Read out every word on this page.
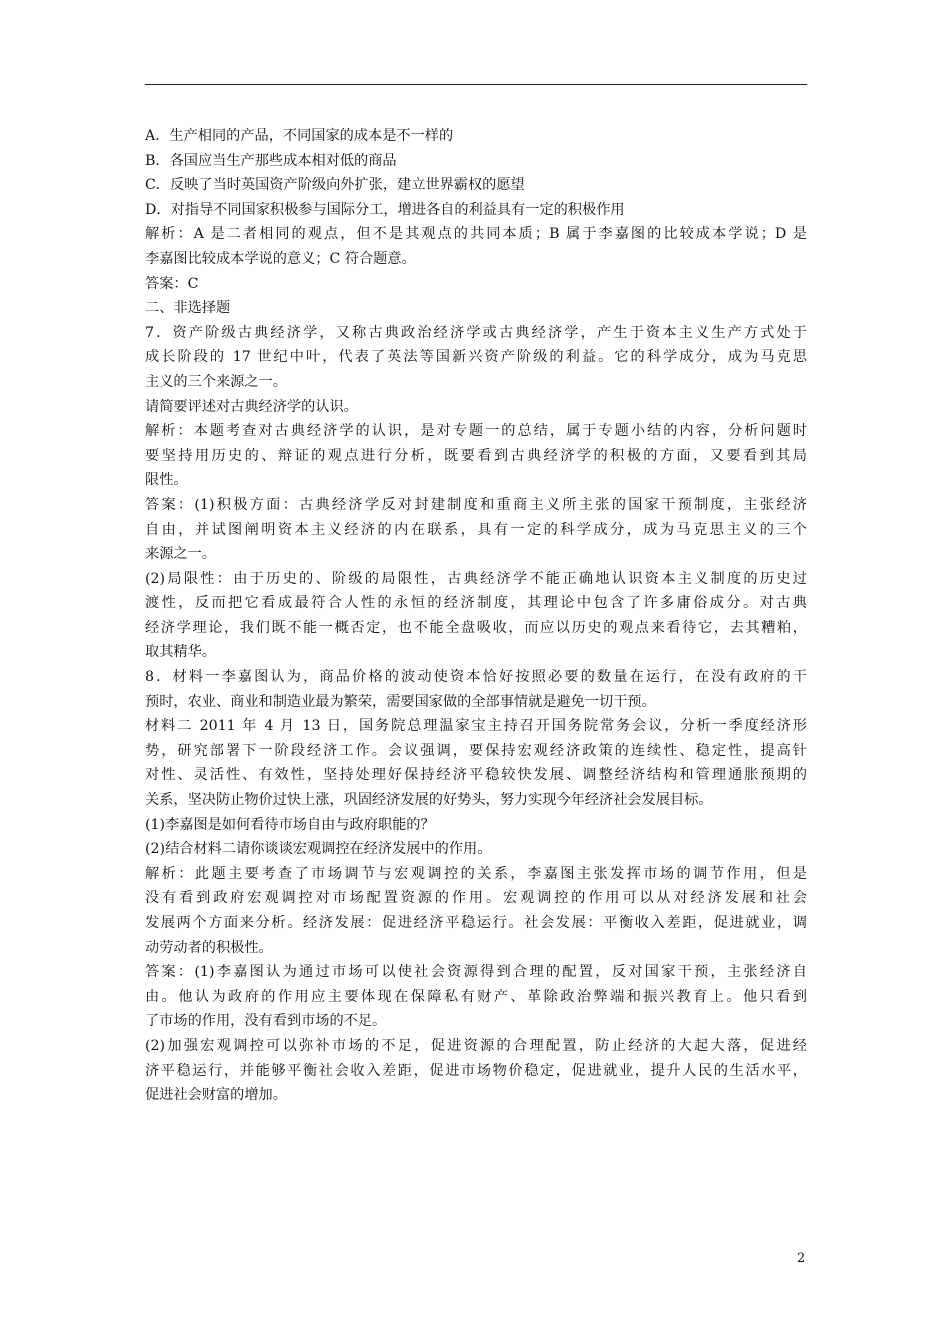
A．生产相同的产品，不同国家的成本是不一样的
B．各国应当生产那些成本相对低的商品
C．反映了当时英国资产阶级向外扩张，建立世界霸权的愿望
D．对指导不同国家积极参与国际分工，增进各自的利益具有一定的积极作用
解析：A 是二者相同的观点，但不是其观点的共同本质；B 属于李嘉图的比较成本学说；D 是
李嘉图比较成本学说的意义；C 符合题意。
答案：C
二、非选择题
7．资产阶级古典经济学，又称古典政治经济学或古典经济学，产生于资本主义生产方式处于
成长阶段的 17 世纪中叶，代表了英法等国新兴资产阶级的利益。它的科学成分，成为马克思
主义的三个来源之一。
请简要评述对古典经济学的认识。
解析：本题考查对古典经济学的认识，是对专题一的总结，属于专题小结的内容，分析问题时
要坚持用历史的、辩证的观点进行分析，既要看到古典经济学的积极的方面，又要看到其局
限性。
答案：(1)积极方面：古典经济学反对封建制度和重商主义所主张的国家干预制度，主张经济
自由，并试图阐明资本主义经济的内在联系，具有一定的科学成分，成为马克思主义的三个
来源之一。
(2)局限性：由于历史的、阶级的局限性，古典经济学不能正确地认识资本主义制度的历史过
渡性，反而把它看成最符合人性的永恒的经济制度，其理论中包含了许多庸俗成分。对古典
经济学理论，我们既不能一概否定，也不能全盘吸收，而应以历史的观点来看待它，去其糟粕，
取其精华。
8．材料一李嘉图认为，商品价格的波动使资本恰好按照必要的数量在运行，在没有政府的干
预时，农业、商业和制造业最为繁荣，需要国家做的全部事情就是避免一切干预。
材料二 2011 年 4 月 13 日，国务院总理温家宝主持召开国务院常务会议，分析一季度经济形
势，研究部署下一阶段经济工作。会议强调，要保持宏观经济政策的连续性、稳定性，提高针
对性、灵活性、有效性，坚持处理好保持经济平稳较快发展、调整经济结构和管理通胀预期的
关系，坚决防止物价过快上涨，巩固经济发展的好势头，努力实现今年经济社会发展目标。
(1)李嘉图是如何看待市场自由与政府职能的？
(2)结合材料二请你谈谈宏观调控在经济发展中的作用。
解析：此题主要考查了市场调节与宏观调控的关系，李嘉图主张发挥市场的调节作用，但是
没有看到政府宏观调控对市场配置资源的作用。宏观调控的作用可以从对经济发展和社会
发展两个方面来分析。经济发展：促进经济平稳运行。社会发展：平衡收入差距，促进就业，调
动劳动者的积极性。
答案：(1)李嘉图认为通过市场可以使社会资源得到合理的配置，反对国家干预，主张经济自
由。他认为政府的作用应主要体现在保障私有财产、革除政治弊端和振兴教育上。他只看到
了市场的作用，没有看到市场的不足。
(2)加强宏观调控可以弥补市场的不足，促进资源的合理配置，防止经济的大起大落，促进经
济平稳运行，并能够平衡社会收入差距，促进市场物价稳定，促进就业，提升人民的生活水平，
促进社会财富的增加。
2
